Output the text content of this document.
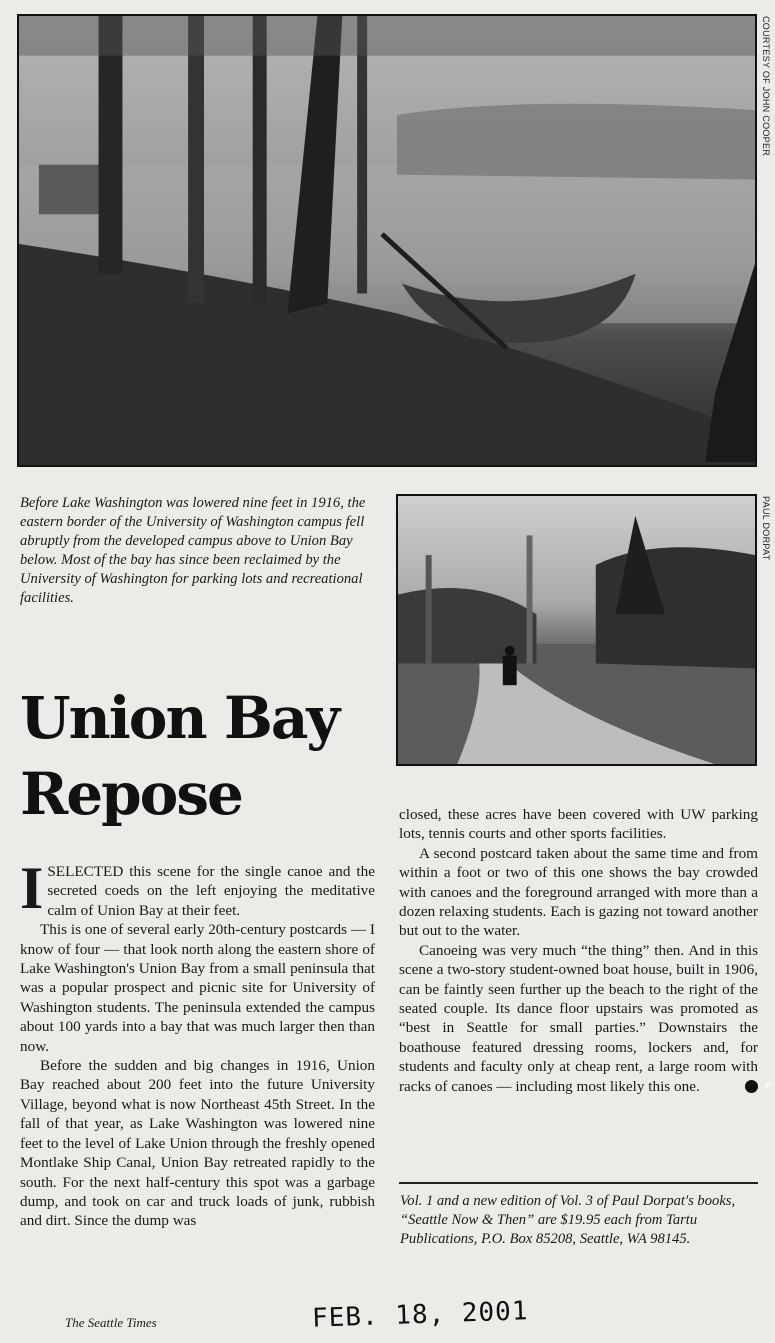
COURTESY OF JOHN COOPER

Before Lake Washington was lowered nine feet in 1916, the eastern border of the University of Washington campus fell abruptly from the developed campus above to Union Bay below. Most of the bay has since been reclaimed by the University of Washington for parking lots and recreational facilities.

PAUL DORPAT
Union Bay
Repose

ISELECTED this scene for the single canoe and the secreted coeds on the left enjoying the meditative calm of Union Bay at their feet.

This is one of several early 20th-century postcards — I know of four — that look north along the eastern shore of Lake Washington's Union Bay from a small peninsula that was a popular prospect and picnic site for University of Washington students. The peninsula extended the campus about 100 yards into a bay that was much larger then than now.

Before the sudden and big changes in 1916, Union Bay reached about 200 feet into the future University Village, beyond what is now Northeast 45th Street. In the fall of that year, as Lake Washington was lowered nine feet to the level of Lake Union through the freshly opened Montlake Ship Canal, Union Bay retreated rapidly to the south. For the next half-century this spot was a garbage dump, and took on car and truck loads of junk, rubbish and dirt. Since the dump was

closed, these acres have been covered with UW parking lots, tennis courts and other sports facilities.

A second postcard taken about the same time and from within a foot or two of this one shows the bay crowded with canoes and the foreground arranged with more than a dozen relaxing students. Each is gazing not toward another but out to the water.

Canoeing was very much “the thing” then. And in this scene a two-story student-owned boat house, built in 1906, can be faintly seen further up the beach to the right of the seated couple. Its dance floor upstairs was promoted as “best in Seattle for small parties.” Downstairs the boathouse featured dressing rooms, lockers and, for students and faculty only at cheap rent, a large room with racks of canoes — including most likely this one.	P

Vol. 1 and a new edition of Vol. 3 of Paul Dorpat's books, “Seattle Now & Then” are $19.95 each from Tartu Publications, P.O. Box 85208, Seattle, WA 98145.

The Seattle Times	FEB. 18, 2001
